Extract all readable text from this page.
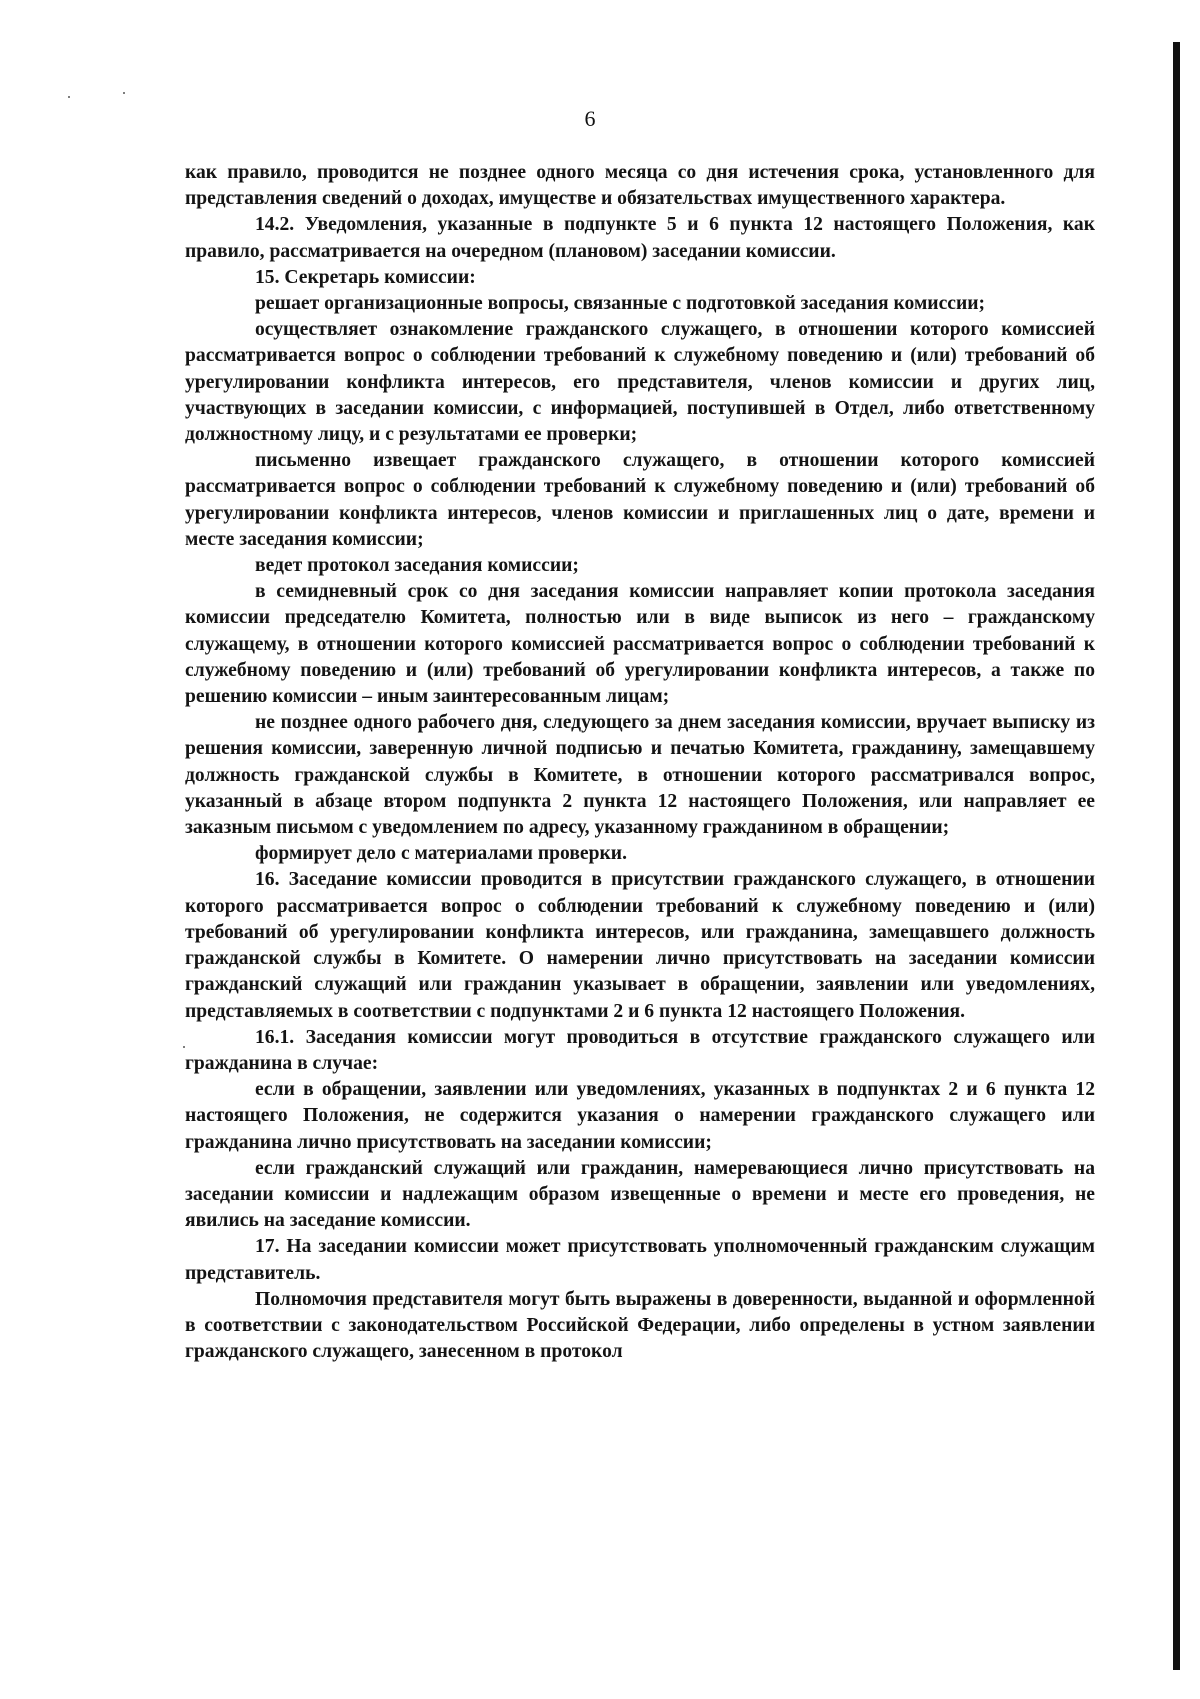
6

как правило, проводится не позднее одного месяца со дня истечения срока, установленного для представления сведений о доходах, имуществе и обязательствах имущественного характера.

14.2. Уведомления, указанные в подпункте 5 и 6 пункта 12 настоящего Положения, как правило, рассматривается на очередном (плановом) заседании комиссии.

15. Секретарь комиссии:

решает организационные вопросы, связанные с подготовкой заседания комиссии;

осуществляет ознакомление гражданского служащего, в отношении которого комиссией рассматривается вопрос о соблюдении требований к служебному поведению и (или) требований об урегулировании конфликта интересов, его представителя, членов комиссии и других лиц, участвующих в заседании комиссии, с информацией, поступившей в Отдел, либо ответственному должностному лицу, и с результатами ее проверки;

письменно извещает гражданского служащего, в отношении которого комиссией рассматривается вопрос о соблюдении требований к служебному поведению и (или) требований об урегулировании конфликта интересов, членов комиссии и приглашенных лиц о дате, времени и месте заседания комиссии;

ведет протокол заседания комиссии;

в семидневный срок со дня заседания комиссии направляет копии протокола заседания комиссии председателю Комитета, полностью или в виде выписок из него – гражданскому служащему, в отношении которого комиссией рассматривается вопрос о соблюдении требований к служебному поведению и (или) требований об урегулировании конфликта интересов, а также по решению комиссии – иным заинтересованным лицам;

не позднее одного рабочего дня, следующего за днем заседания комиссии, вручает выписку из решения комиссии, заверенную личной подписью и печатью Комитета, гражданину, замещавшему должность гражданской службы в Комитете, в отношении которого рассматривался вопрос, указанный в абзаце втором подпункта 2 пункта 12 настоящего Положения, или направляет ее заказным письмом с уведомлением по адресу, указанному гражданином в обращении;

формирует дело с материалами проверки.

16. Заседание комиссии проводится в присутствии гражданского служащего, в отношении которого рассматривается вопрос о соблюдении требований к служебному поведению и (или) требований об урегулировании конфликта интересов, или гражданина, замещавшего должность гражданской службы в Комитете. О намерении лично присутствовать на заседании комиссии гражданский служащий или гражданин указывает в обращении, заявлении или уведомлениях, представляемых в соответствии с подпунктами 2 и 6 пункта 12 настоящего Положения.

16.1. Заседания комиссии могут проводиться в отсутствие гражданского служащего или гражданина в случае:

если в обращении, заявлении или уведомлениях, указанных в подпунктах 2 и 6 пункта 12 настоящего Положения, не содержится указания о намерении гражданского служащего или гражданина лично присутствовать на заседании комиссии;

если гражданский служащий или гражданин, намеревающиеся лично присутствовать на заседании комиссии и надлежащим образом извещенные о времени и месте его проведения, не явились на заседание комиссии.

17. На заседании комиссии может присутствовать уполномоченный гражданским служащим представитель.

Полномочия представителя могут быть выражены в доверенности, выданной и оформленной в соответствии с законодательством Российской Федерации, либо определены в устном заявлении гражданского служащего, занесенном в протокол
